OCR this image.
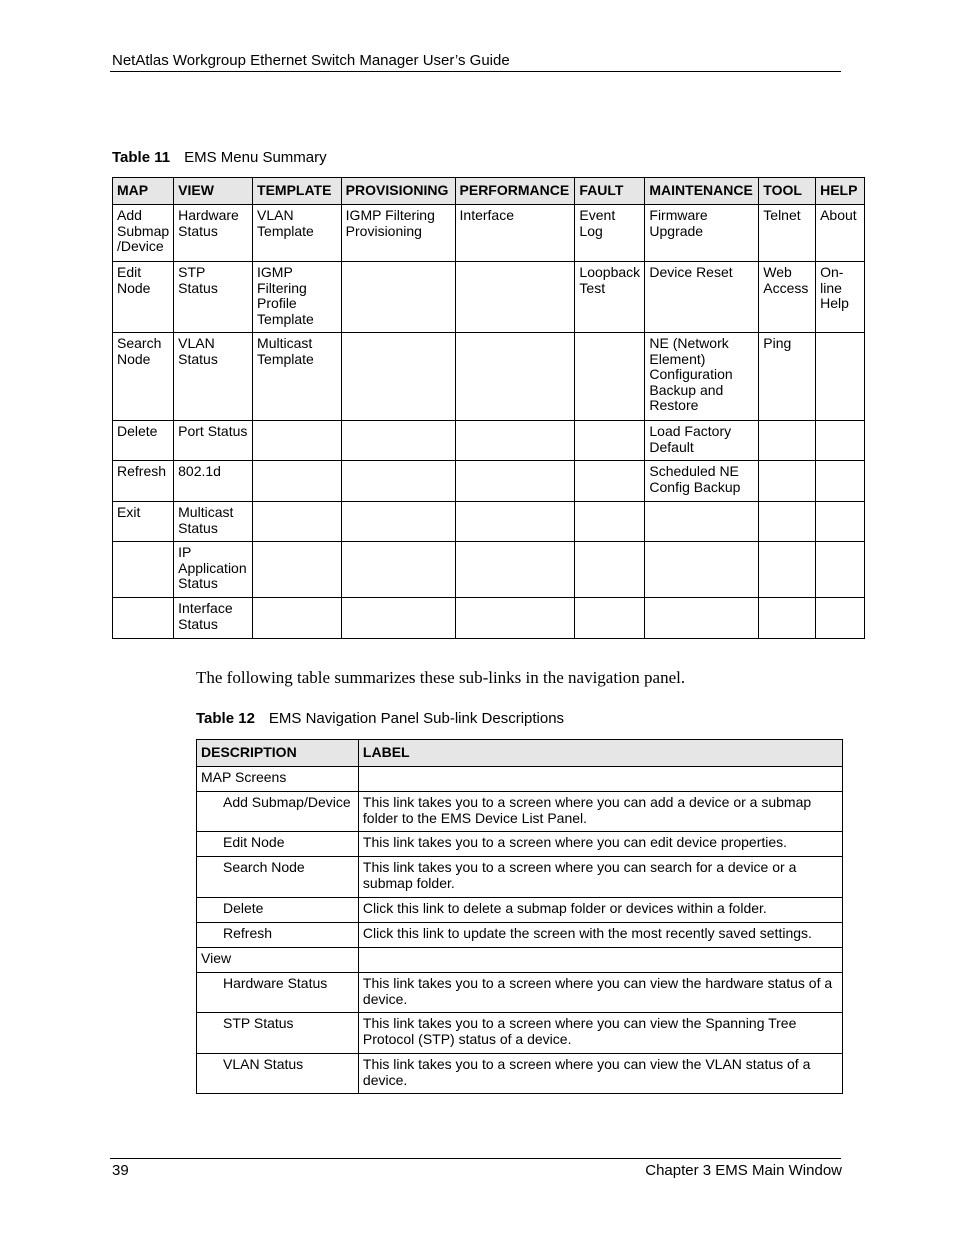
NetAtlas Workgroup Ethernet Switch Manager User’s Guide
Table 11 EMS Menu Summary
MAP	VIEW	TEMPLATE	PROVISIONING	PERFORMANCE	FAULT	MAINTENANCE	TOOL	HELP
Add Submap /Device	Hardware Status	VLAN Template	IGMP Filtering Provisioning	Interface	Event Log	Firmware Upgrade	Telnet	About
Edit Node	STP Status	IGMP Filtering Profile Template			Loopback Test	Device Reset	Web Access	On-line Help
Search Node	VLAN Status	Multicast Template				NE (Network Element) Configuration Backup and Restore	Ping	
Delete	Port Status					Load Factory Default		
Refresh	802.1d					Scheduled NE Config Backup		
Exit	Multicast Status							
	IP Application Status							
	Interface Status							
The following table summarizes these sub-links in the navigation panel.
Table 12 EMS Navigation Panel Sub-link Descriptions
DESCRIPTION	LABEL
MAP Screens	
Add Submap/Device	This link takes you to a screen where you can add a device or a submap folder to the EMS Device List Panel.
Edit Node	This link takes you to a screen where you can edit device properties.
Search Node	This link takes you to a screen where you can search for a device or a submap folder.
Delete	Click this link to delete a submap folder or devices within a folder.
Refresh	Click this link to update the screen with the most recently saved settings.
View	
Hardware Status	This link takes you to a screen where you can view the hardware status of a device.
STP Status	This link takes you to a screen where you can view the Spanning Tree Protocol (STP) status of a device.
VLAN Status	This link takes you to a screen where you can view the VLAN status of a device.
39	Chapter 3 EMS Main Window
